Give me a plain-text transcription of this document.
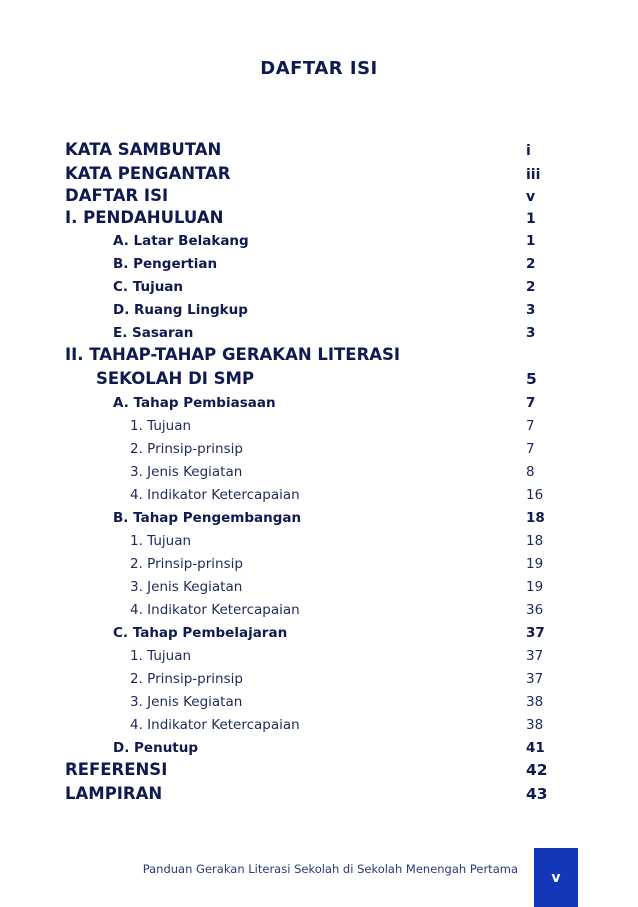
DAFTAR ISI
KATA SAMBUTAN	i
KATA PENGANTAR	iii
DAFTAR ISI	v
I. PENDAHULUAN	1
A. Latar Belakang	1
B. Pengertian	2
C. Tujuan	2
D. Ruang Lingkup	3
E. Sasaran	3
II. TAHAP-TAHAP GERAKAN LITERASI
SEKOLAH DI SMP	5
A. Tahap Pembiasaan	7
1. Tujuan	7
2. Prinsip-prinsip	7
3. Jenis Kegiatan	8
4. Indikator Ketercapaian	16
B. Tahap Pengembangan	18
1. Tujuan	18
2. Prinsip-prinsip	19
3. Jenis Kegiatan	19
4. Indikator Ketercapaian	36
C. Tahap Pembelajaran	37
1. Tujuan	37
2. Prinsip-prinsip	37
3. Jenis Kegiatan	38
4. Indikator Ketercapaian	38
D. Penutup	41
REFERENSI	42
LAMPIRAN	43
Panduan Gerakan Literasi Sekolah di Sekolah Menengah Pertama
v
